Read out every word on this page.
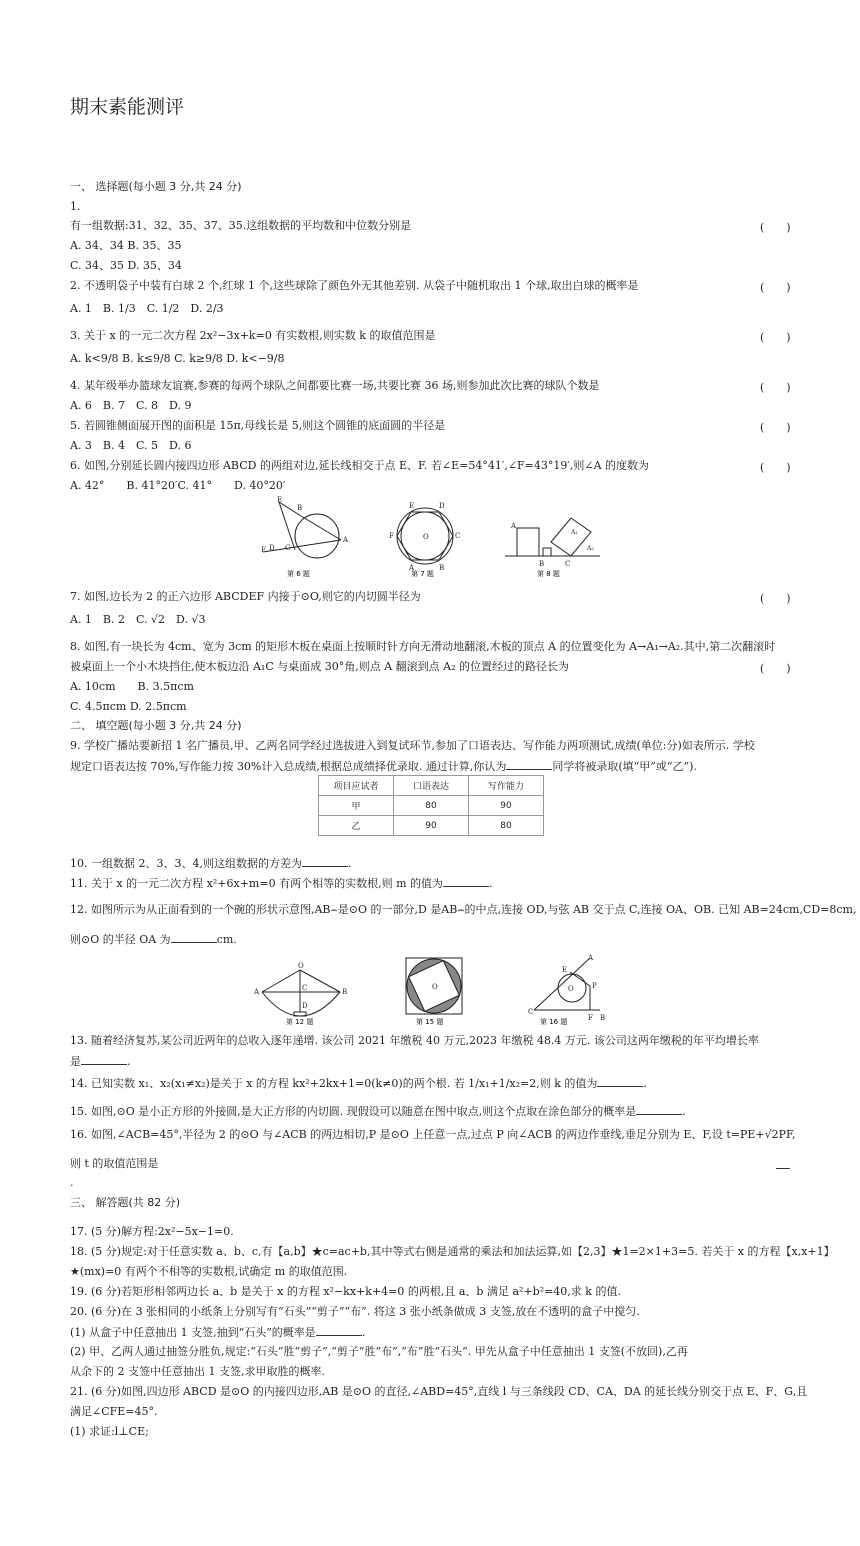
期末素能测评
一、 选择题(每小题 3 分,共 24 分)
1.
有一组数据:31、32、35、37、35.这组数据的平均数和中位数分别是	(　　)
A. 34、34 B. 35、35
C. 34、35 D. 35、34
2. 不透明袋子中装有白球 2 个,红球 1 个,这些球除了颜色外无其他差别. 从袋子中随机取出 1 个球,取出白球的概率是	(　　)
A. 1　B. 1/3　C. 1/2　D. 2/3
3. 关于 x 的一元二次方程 2x²−3x+k=0 有实数根,则实数 k 的取值范围是	(　　)
A. k<9/8 B. k≤9/8 C. k≥9/8 D. k<−9/8
4. 某年级举办篮球友谊赛,参赛的每两个球队之间都要比赛一场,共要比赛 36 场,则参加此次比赛的球队个数是	(　　)
A. 6　B. 7　C. 8　D. 9
5. 若圆锥侧面展开图的面积是 15π,母线长是 5,则这个圆锥的底面圆的半径是	(　　)
A. 3　B. 4　C. 5　D. 6
6. 如图,分别延长圆内接四边形 ABCD 的两组对边,延长线相交于点 E、F. 若∠E=54°41′,∠F=43°19′,则∠A 的度数为	(　　)
A. 42°　　B. 41°20′C. 41°　　D. 40°20′
E
B
F D
A
C
第 6 题
O
E	D
F	C
A	B
第 7 题
A
B	C
A₁
A₂
第 8 题
7. 如图,边长为 2 的正六边形 ABCDEF 内接于⊙O,则它的内切圆半径为	(　　)
A. 1　B. 2　C. √2　D. √3
8. 如图,有一块长为 4cm、宽为 3cm 的矩形木板在桌面上按顺时针方向无滑动地翻滚,木板的顶点 A 的位置变化为 A→A₁→A₂.其中,第二次翻滚时
被桌面上一个小木块挡住,使木板边沿 A₁C 与桌面成 30°角,则点 A 翻滚到点 A₂ 的位置经过的路径长为	(　　)
A. 10cm　　B. 3.5πcm
C. 4.5πcm D. 2.5πcm
二、 填空题(每小题 3 分,共 24 分)
9. 学校广播站要新招 1 名广播员,甲、乙两名同学经过选拔进入到复试环节,参加了口语表达、写作能力两项测试,成绩(单位:分)如表所示. 学校
规定口语表达按 70%,写作能力按 30%计入总成绩,根据总成绩择优录取. 通过计算,你认为	同学将被录取(填“甲”或“乙”).
项目应试者	口语表达	写作能力
甲	80	90
乙	90	80
10. 一组数据 2、3、3、4,则这组数据的方差为	.
11. 关于 x 的一元二次方程 x²+6x+m=0 有两个相等的实数根,则 m 的值为	.
12. 如图所示为从正面看到的一个碗的形状示意图,AB⌢是⊙O 的一部分,D 是AB⌢的中点,连接 OD,与弦 AB 交于点 C,连接 OA、OB. 已知 AB=24cm,CD=8cm,
则⊙O 的半径 OA 为	cm.
O
A	B
C
D
第 12 题
O
第 15 题
O
C
A
E
P
F B
第 16 题
13. 随着经济复苏,某公司近两年的总收入逐年递增. 该公司 2021 年缴税 40 万元,2023 年缴税 48.4 万元. 该公司这两年缴税的年平均增长率
是	.
14. 已知实数 x₁、x₂(x₁≠x₂)是关于 x 的方程 kx²+2kx+1=0(k≠0)的两个根. 若 1/x₁+1/x₂=2,则 k 的值为	.
15. 如图,⊙O 是小正方形的外接圆,是大正方形的内切圆. 现假设可以随意在图中取点,则这个点取在涂色部分的概率是	.
16. 如图,∠ACB=45°,半径为 2 的⊙O 与∠ACB 的两边相切,P 是⊙O 上任意一点,过点 P 向∠ACB 的两边作垂线,垂足分别为 E、F,设 t=PE+√2PF,
则 t 的取值范围是
.
三、 解答题(共 82 分)
17. (5 分)解方程:2x²−5x−1=0.
18. (5 分)规定:对于任意实数 a、b、c,有【a,b】★c=ac+b,其中等式右侧是通常的乘法和加法运算,如【2,3】★1=2×1+3=5. 若关于 x 的方程【x,x+1】
★(mx)=0 有两个不相等的实数根,试确定 m 的取值范围.
19. (6 分)若矩形相邻两边长 a、b 是关于 x 的方程 x²−kx+k+4=0 的两根,且 a、b 满足 a²+b²=40,求 k 的值.
20. (6 分)在 3 张相同的小纸条上分别写有“石头”“剪子”“布”. 将这 3 张小纸条做成 3 支签,放在不透明的盒子中搅匀.
(1) 从盒子中任意抽出 1 支签,抽到“石头”的概率是	.
(2) 甲、乙两人通过抽签分胜负,规定:“石头”胜“剪子”,“剪子”胜“布”,“布”胜“石头”. 甲先从盒子中任意抽出 1 支签(不放回),乙再
从余下的 2 支签中任意抽出 1 支签,求甲取胜的概率.
21. (6 分)如图,四边形 ABCD 是⊙O 的内接四边形,AB 是⊙O 的直径,∠ABD=45°,直线 l 与三条线段 CD、CA、DA 的延长线分别交于点 E、F、G,且
满足∠CFE=45°.
(1) 求证:l⊥CE;
